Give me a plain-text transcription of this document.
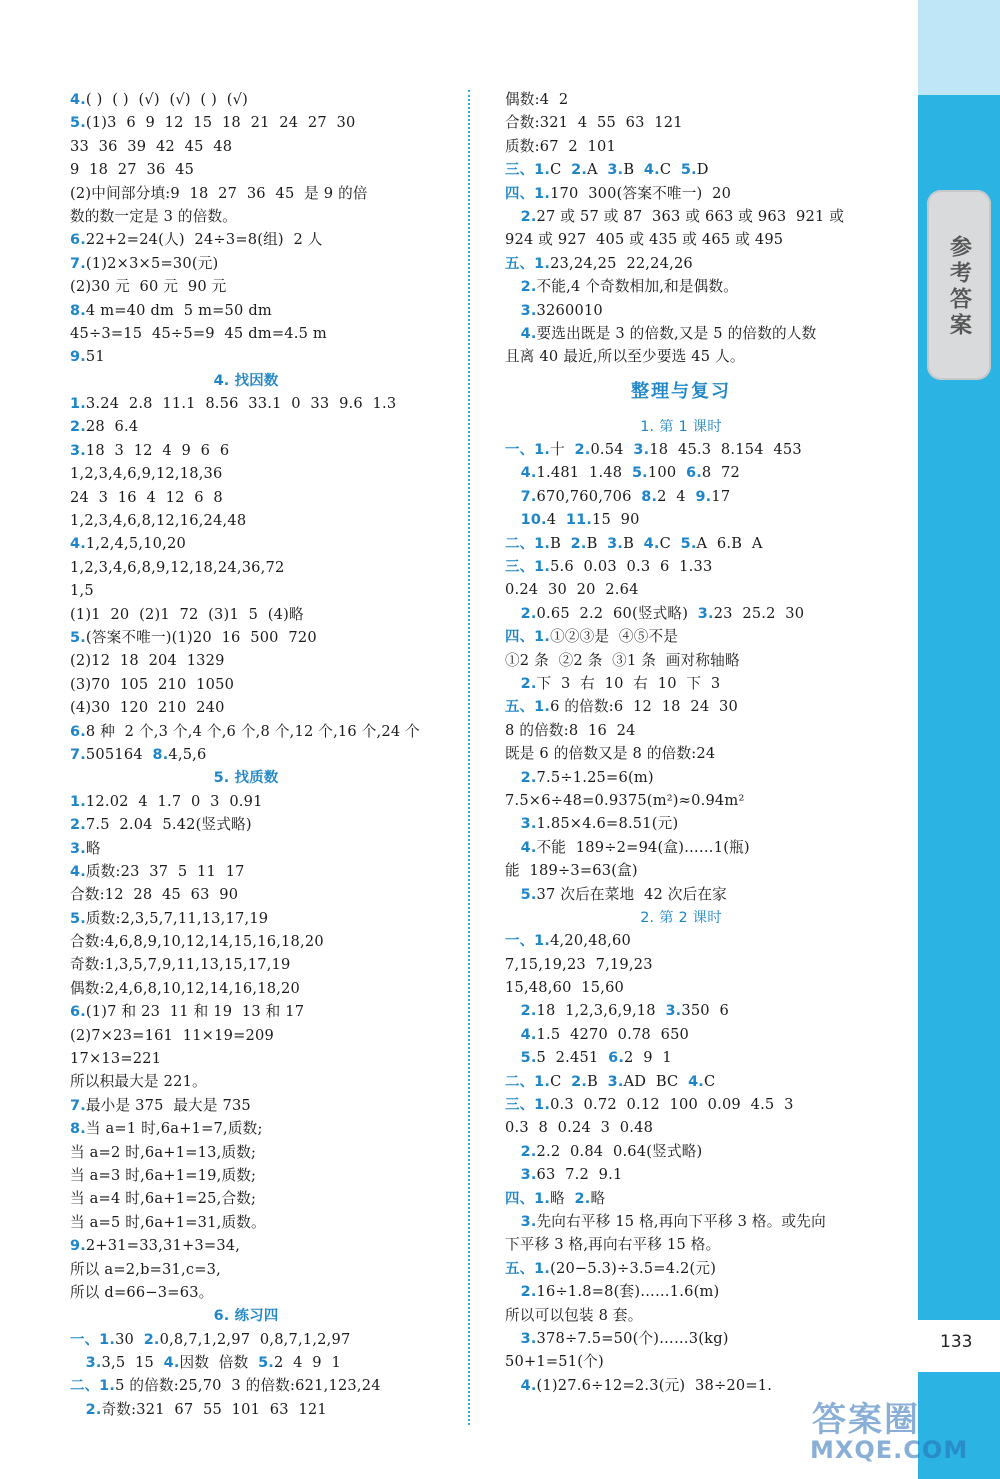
4.( )  ( )  (√)  (√)  ( )  (√)
5.(1)3  6  9  12  15  18  21  24  27  30
33  36  39  42  45  48
9  18  27  36  45
(2)中间部分填:9  18  27  36  45  是 9 的倍
数的数一定是 3 的倍数。
6.22+2=24(人)  24÷3=8(组)  2 人
7.(1)2×3×5=30(元)
(2)30 元  60 元  90 元
8.4 m=40 dm  5 m=50 dm
45÷3=15  45÷5=9  45 dm=4.5 m
9.51
4. 找因数
1.3.24  2.8  11.1  8.56  33.1  0  33  9.6  1.3
2.28  6.4
3.18  3  12  4  9  6  6
1,2,3,4,6,9,12,18,36
24  3  16  4  12  6  8
1,2,3,4,6,8,12,16,24,48
4.1,2,4,5,10,20
1,2,3,4,6,8,9,12,18,24,36,72
1,5
(1)1  20  (2)1  72  (3)1  5  (4)略
5.(答案不唯一)(1)20  16  500  720
(2)12  18  204  1329
(3)70  105  210  1050
(4)30  120  210  240
6.8 种  2 个,3 个,4 个,6 个,8 个,12 个,16 个,24 个
7.505164  8.4,5,6
5. 找质数
1.12.02  4  1.7  0  3  0.91
2.7.5  2.04  5.42(竖式略)
3.略
4.质数:23  37  5  11  17
合数:12  28  45  63  90
5.质数:2,3,5,7,11,13,17,19
合数:4,6,8,9,10,12,14,15,16,18,20
奇数:1,3,5,7,9,11,13,15,17,19
偶数:2,4,6,8,10,12,14,16,18,20
6.(1)7 和 23  11 和 19  13 和 17
(2)7×23=161  11×19=209
17×13=221
所以积最大是 221。
7.最小是 375  最大是 735
8.当 a=1 时,6a+1=7,质数;
当 a=2 时,6a+1=13,质数;
当 a=3 时,6a+1=19,质数;
当 a=4 时,6a+1=25,合数;
当 a=5 时,6a+1=31,质数。
9.2+31=33,31+3=34,
所以 a=2,b=31,c=3,
所以 d=66−3=63。
6. 练习四
一、1.30  2.0,8,7,1,2,97  0,8,7,1,2,97
3.3,5  15  4.因数  倍数  5.2  4  9  1
二、1.5 的倍数:25,70  3 的倍数:621,123,24
2.奇数:321  67  55  101  63  121
偶数:4  2
合数:321  4  55  63  121
质数:67  2  101
三、1.C  2.A  3.B  4.C  5.D
四、1.170  300(答案不唯一)  20
2.27 或 57 或 87  363 或 663 或 963  921 或
924 或 927  405 或 435 或 465 或 495
五、1.23,24,25  22,24,26
2.不能,4 个奇数相加,和是偶数。
3.3260010
4.要选出既是 3 的倍数,又是 5 的倍数的人数
且离 40 最近,所以至少要选 45 人。
整理与复习
1. 第 1 课时
一、1.十  2.0.54  3.18  45.3  8.154  453
4.1.481  1.48  5.100  6.8  72
7.670,760,706  8.2  4  9.17
10.4  11.15  90
二、1.B  2.B  3.B  4.C  5.A  6.B  A
三、1.5.6  0.03  0.3  6  1.33
0.24  30  20  2.64
2.0.65  2.2  60(竖式略)  3.23  25.2  30
四、1.①②③是  ④⑤不是
①2 条  ②2 条  ③1 条  画对称轴略
2.下  3  右  10  右  10  下  3
五、1.6 的倍数:6  12  18  24  30
8 的倍数:8  16  24
既是 6 的倍数又是 8 的倍数:24
2.7.5÷1.25=6(m)
7.5×6÷48=0.9375(m²)≈0.94m²
3.1.85×4.6=8.51(元)
4.不能  189÷2=94(盒)……1(瓶)
能  189÷3=63(盒)
5.37 次后在菜地  42 次后在家
2. 第 2 课时
一、1.4,20,48,60
7,15,19,23  7,19,23
15,48,60  15,60
2.18  1,2,3,6,9,18  3.350  6
4.1.5  4270  0.78  650
5.5  2.451  6.2  9  1
二、1.C  2.B  3.AD  BC  4.C
三、1.0.3  0.72  0.12  100  0.09  4.5  3
0.3  8  0.24  3  0.48
2.2.2  0.84  0.64(竖式略)
3.63  7.2  9.1
四、1.略  2.略
3.先向右平移 15 格,再向下平移 3 格。或先向
下平移 3 格,再向右平移 15 格。
五、1.(20−5.3)÷3.5=4.2(元)
2.16÷1.8=8(套)……1.6(m)
所以可以包装 8 套。
3.378÷7.5=50(个)……3(kg)
50+1=51(个)
4.(1)27.6÷12=2.3(元)  38÷20=1.
参考答案
133
答案圈
MXQE.COM
